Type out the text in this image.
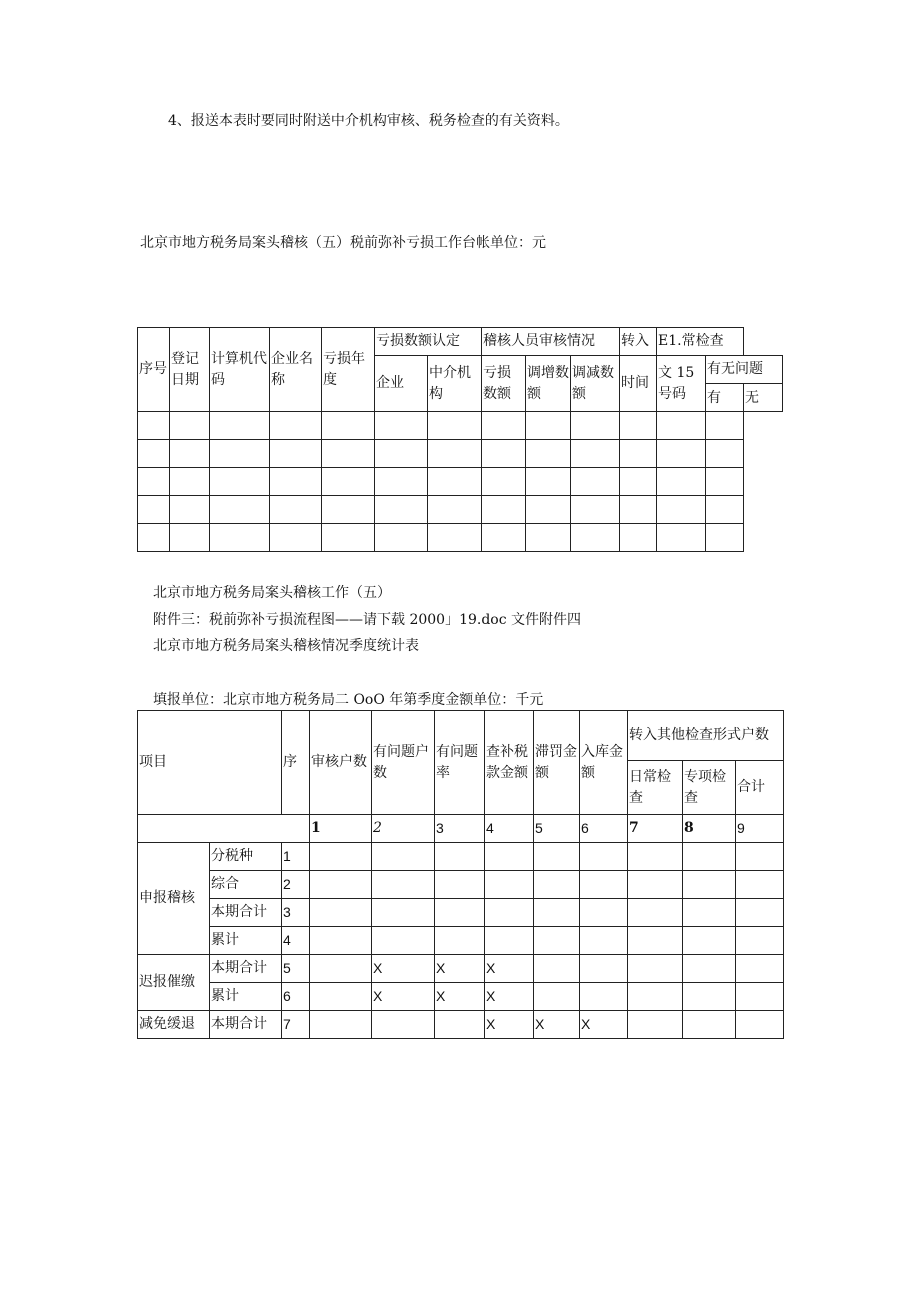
4、报送本表时要同时附送中介机构审核、税务检查的有关资料。
北京市地方税务局案头稽核（五）税前弥补亏损工作台帐单位：元
序号	登记日期	计算机代码	企业名称	亏损年度	亏损数额认定		稽核人员审核情况			转入	E1.常检查		
					企业	中介机构	亏损数额	调增数额	调减数额	时间	文 15 号码	有无问题	
												有	无

北京市地方税务局案头稽核工作（五）
附件三：税前弥补亏损流程图——请下载 2000」19.doc 文件附件四
北京市地方税务局案头稽核情况季度统计表
填报单位：北京市地方税务局二 OoO 年第季度金额单位：千元
项目		序	审核户数	有问题户数	有问题率	查补税款金额	滞罚金额	入库金额	转入其他检查形式户数		
									日常检查	专项检查	合计
			1	2	3	4	5	6	7	8	9
申报稽核	分税种	1									
	综合	2									
	本期合计	3									
	累计	4									
迟报催缴	本期合计	5		X	X	X					
	累计	6		X	X	X					
减免缓退	本期合计	7				X	X	X			
